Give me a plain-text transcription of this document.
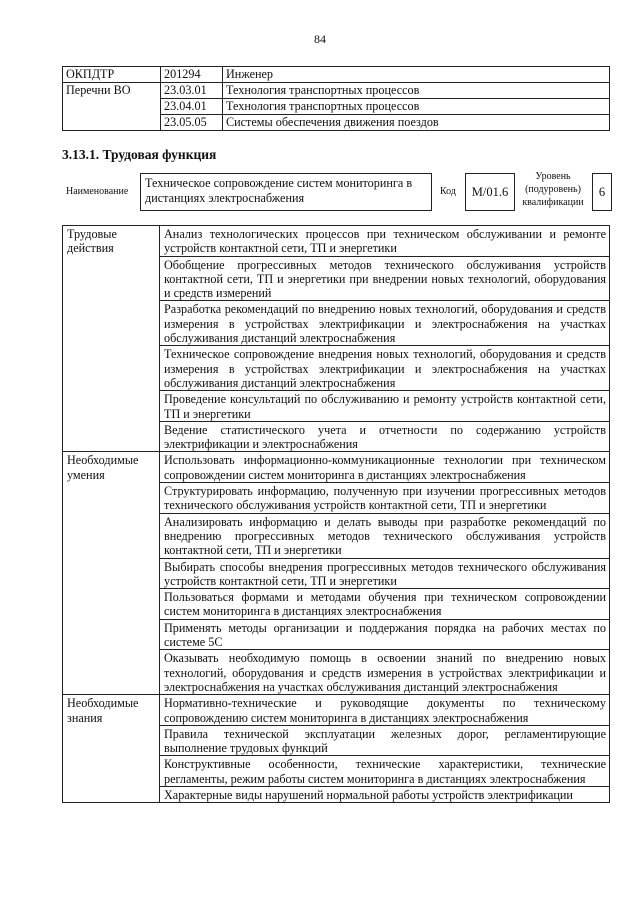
84
ОКПДТР	201294	Инженер
Перечни ВО	23.03.01	Технология транспортных процессов
	23.04.01	Технология транспортных процессов
	23.05.05	Системы обеспечения движения поездов
3.13.1. Трудовая функция
Наименование
Техническое сопровождение систем мониторинга в дистанциях электроснабжения	Код	М/01.6
Уровень (подуровень) квалификации
6
Трудовые действия	Анализ технологических процессов при техническом обслуживании и ремонте устройств контактной сети, ТП и энергетики
	Обобщение прогрессивных методов технического обслуживания устройств контактной сети, ТП и энергетики при внедрении новых технологий, оборудования и средств измерений
	Разработка рекомендаций по внедрению новых технологий, оборудования и средств измерения в устройствах электрификации и электроснабжения на участках обслуживания дистанций электроснабжения
	Техническое сопровождение внедрения новых технологий, оборудования и средств измерения в устройствах электрификации и электроснабжения на участках обслуживания дистанций электроснабжения
	Проведение консультаций по обслуживанию и ремонту устройств контактной сети, ТП и энергетики
	Ведение статистического учета и отчетности по содержанию устройств электрификации и электроснабжения
Необходимые умения	Использовать информационно-коммуникационные технологии при техническом сопровождении систем мониторинга в дистанциях электроснабжения
	Структурировать информацию, полученную при изучении прогрессивных методов технического обслуживания устройств контактной сети, ТП и энергетики
	Анализировать информацию и делать выводы при разработке рекомендаций по внедрению прогрессивных методов технического обслуживания устройств контактной сети, ТП и энергетики
	Выбирать способы внедрения прогрессивных методов технического обслуживания устройств контактной сети, ТП и энергетики
	Пользоваться формами и методами обучения при техническом сопровождении систем мониторинга в дистанциях электроснабжения
	Применять методы организации и поддержания порядка на рабочих местах по системе 5С
	Оказывать необходимую помощь в освоении знаний по внедрению новых технологий, оборудования и средств измерения в устройствах электрификации и электроснабжения на участках обслуживания дистанций электроснабжения
Необходимые знания	Нормативно-технические и руководящие документы по техническому сопровождению систем мониторинга в дистанциях электроснабжения
	Правила технической эксплуатации железных дорог, регламентирующие выполнение трудовых функций
	Конструктивные особенности, технические характеристики, технические регламенты, режим работы систем мониторинга в дистанциях электроснабжения
	Характерные виды нарушений нормальной работы устройств электрификации
